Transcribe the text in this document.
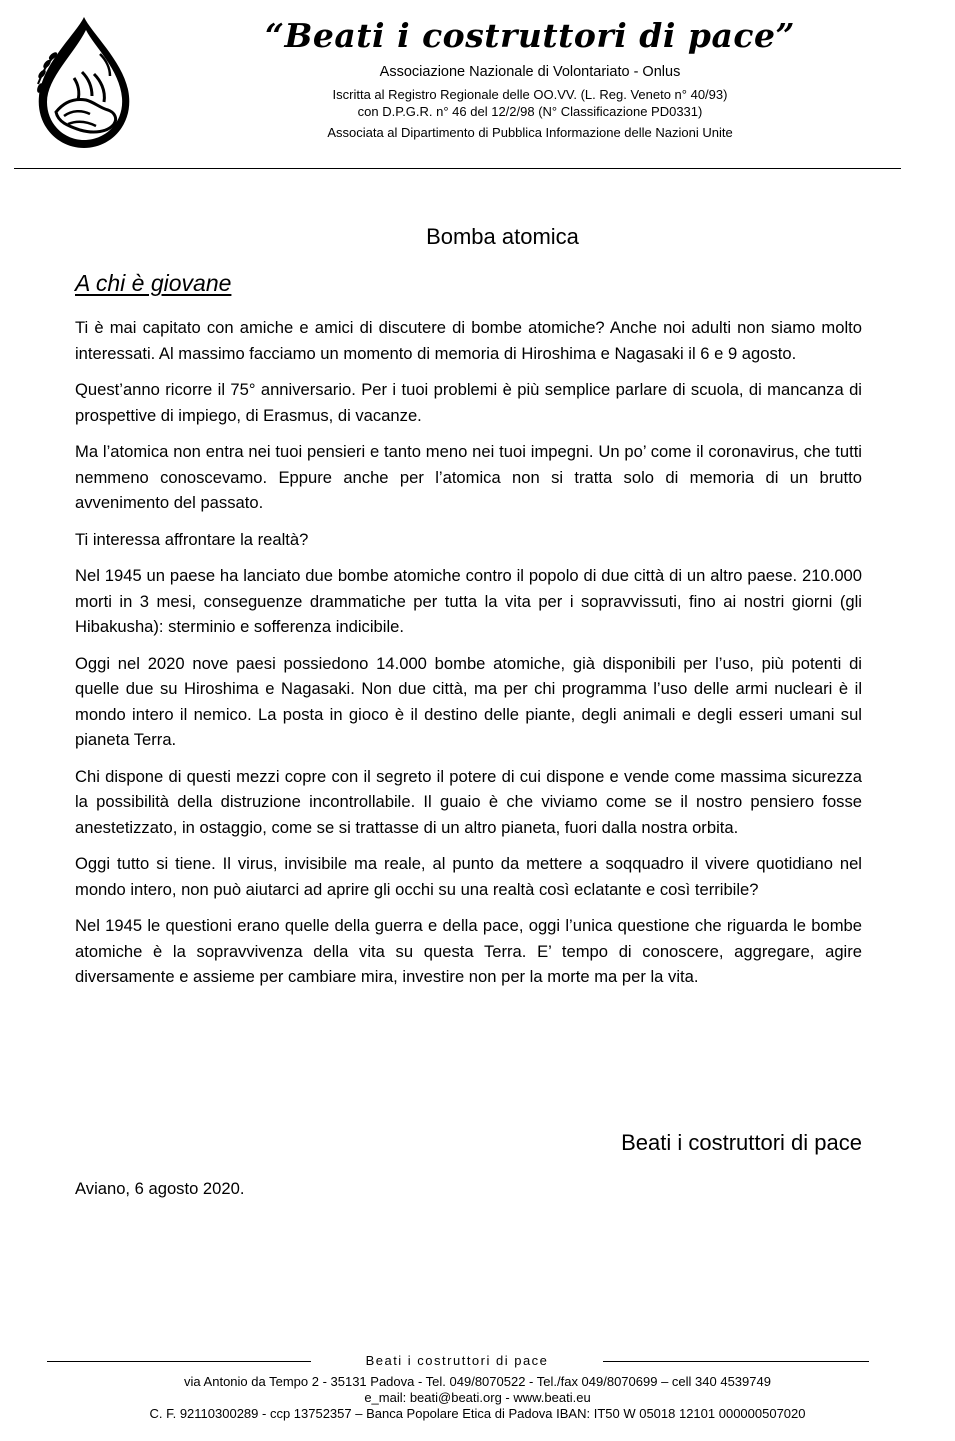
“Beati i costruttori di pace”
Associazione Nazionale di Volontariato - Onlus
Iscritta al Registro Regionale delle OO.VV. (L. Reg. Veneto n° 40/93)
con D.P.G.R. n° 46 del 12/2/98 (N° Classificazione PD0331)
Associata al Dipartimento di Pubblica Informazione delle Nazioni Unite
Bomba atomica
A chi è giovane

Ti è mai capitato con amiche e amici di discutere di bombe atomiche? Anche noi adulti non siamo molto interessati. Al massimo facciamo un momento di memoria di Hiroshima e Nagasaki il 6 e 9 agosto.

Quest’anno ricorre il 75° anniversario. Per i tuoi problemi è più semplice parlare di scuola, di mancanza di prospettive di impiego, di Erasmus, di vacanze.

Ma l’atomica non entra nei tuoi pensieri e tanto meno nei tuoi impegni. Un po’ come il coronavirus, che tutti nemmeno conoscevamo. Eppure anche per l’atomica non si tratta solo di memoria di un brutto avvenimento del passato.

Ti interessa affrontare la realtà?

Nel 1945 un paese ha lanciato due bombe atomiche contro il popolo di due città di un altro paese. 210.000 morti in 3 mesi, conseguenze drammatiche per tutta la vita per i sopravvissuti, fino ai nostri giorni (gli Hibakusha): sterminio e sofferenza indicibile.

Oggi nel 2020 nove paesi possiedono 14.000 bombe atomiche, già disponibili per l’uso, più potenti di quelle due su Hiroshima e Nagasaki. Non due città, ma per chi programma l’uso delle armi nucleari è il mondo intero il nemico. La posta in gioco è il destino delle piante, degli animali e degli esseri umani sul pianeta Terra.

Chi dispone di questi mezzi copre con il segreto il potere di cui dispone e vende come massima sicurezza la possibilità della distruzione incontrollabile. Il guaio è che viviamo come se il nostro pensiero fosse anestetizzato, in ostaggio, come se si trattasse di un altro pianeta, fuori dalla nostra orbita.

Oggi tutto si tiene. Il virus, invisibile ma reale, al punto da mettere a soqquadro il vivere quotidiano nel mondo intero, non può aiutarci ad aprire gli occhi su una realtà così eclatante e così terribile?

Nel 1945 le questioni erano quelle della guerra e della pace, oggi l’unica questione che riguarda le bombe atomiche è la sopravvivenza della vita su questa Terra. E’ tempo di conoscere, aggregare, agire diversamente e assieme per cambiare mira, investire non per la morte ma per la vita.

Beati i costruttori di pace
Aviano, 6 agosto 2020.
Beati i costruttori di pace
via Antonio da Tempo 2 - 35131 Padova - Tel. 049/8070522 - Tel./fax 049/8070699 – cell 340 4539749
e_mail: beati@beati.org - www.beati.eu
C. F. 92110300289 - ccp 13752357 – Banca Popolare Etica di Padova IBAN: IT50 W 05018 12101 000000507020
